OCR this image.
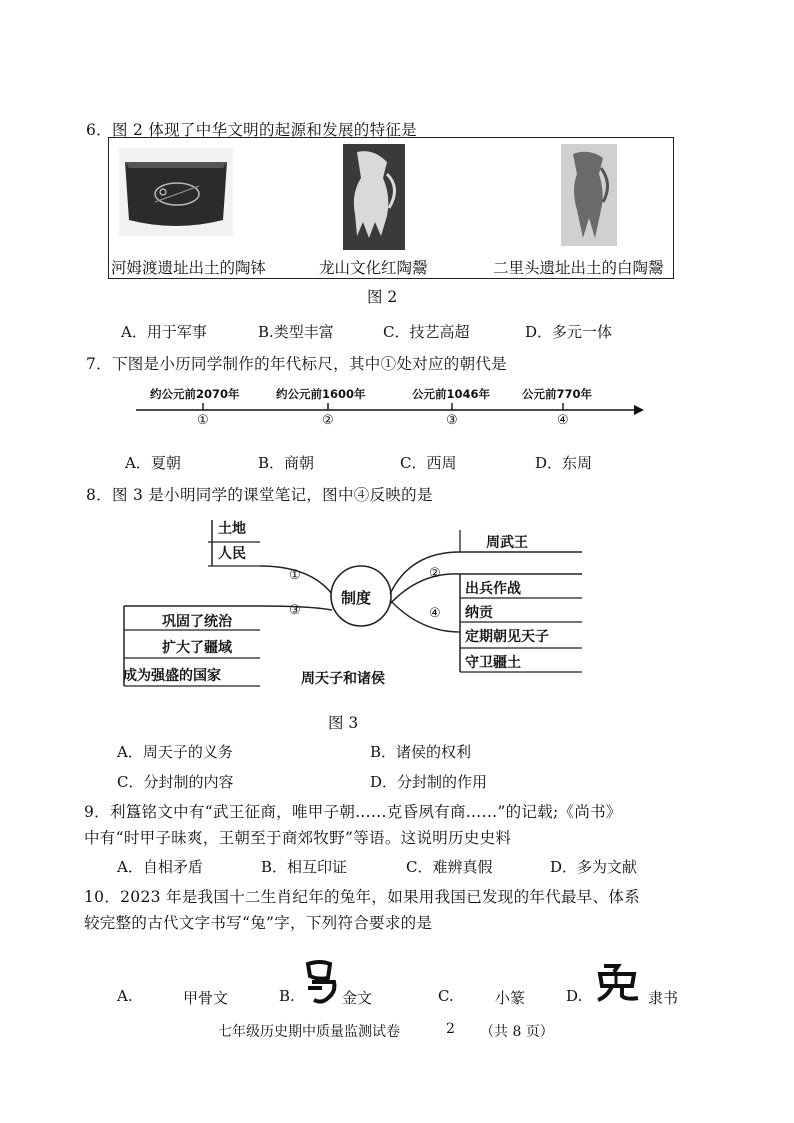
6．图 2 体现了中华文明的起源和发展的特征是
河姆渡遗址出土的陶钵	龙山文化红陶鬶	二里头遗址出土的白陶鬶
图 2
A．用于军事	B.类型丰富	C．技艺高超	D．多元一体
7．下图是小历同学制作的年代标尺，其中①处对应的朝代是
约公元前2070年	约公元前1600年	公元前1046年	公元前770年
①	②	③	④
A．夏朝	B．商朝	C．西周	D．东周
8．图 3 是小明同学的课堂笔记，图中④反映的是
土地
人民
巩固了统治
扩大了疆域
成为强盛的国家
制度
①	②
③	④
周武王
出兵作战
纳贡
定期朝见天子
守卫疆土
周天子和诸侯
图 3
A．周天子的义务	B．诸侯的权利
C．分封制的内容	D．分封制的作用
9．利簋铭文中有“武王征商，唯甲子朝……克昏夙有商……”的记载;《尚书》
中有“时甲子昧爽，王朝至于商郊牧野”等语。这说明历史史料
A．自相矛盾	B．相互印证	C．难辨真假	D．多为文献
10．2023 年是我国十二生肖纪年的兔年，如果用我国已发现的年代最早、体系
较完整的古代文字书写“兔”字，下列符合要求的是
A.	甲骨文	B.	金文	C.	小篆	D.	隶书
七年级历史期中质量监测试卷	2 （共 8 页）
